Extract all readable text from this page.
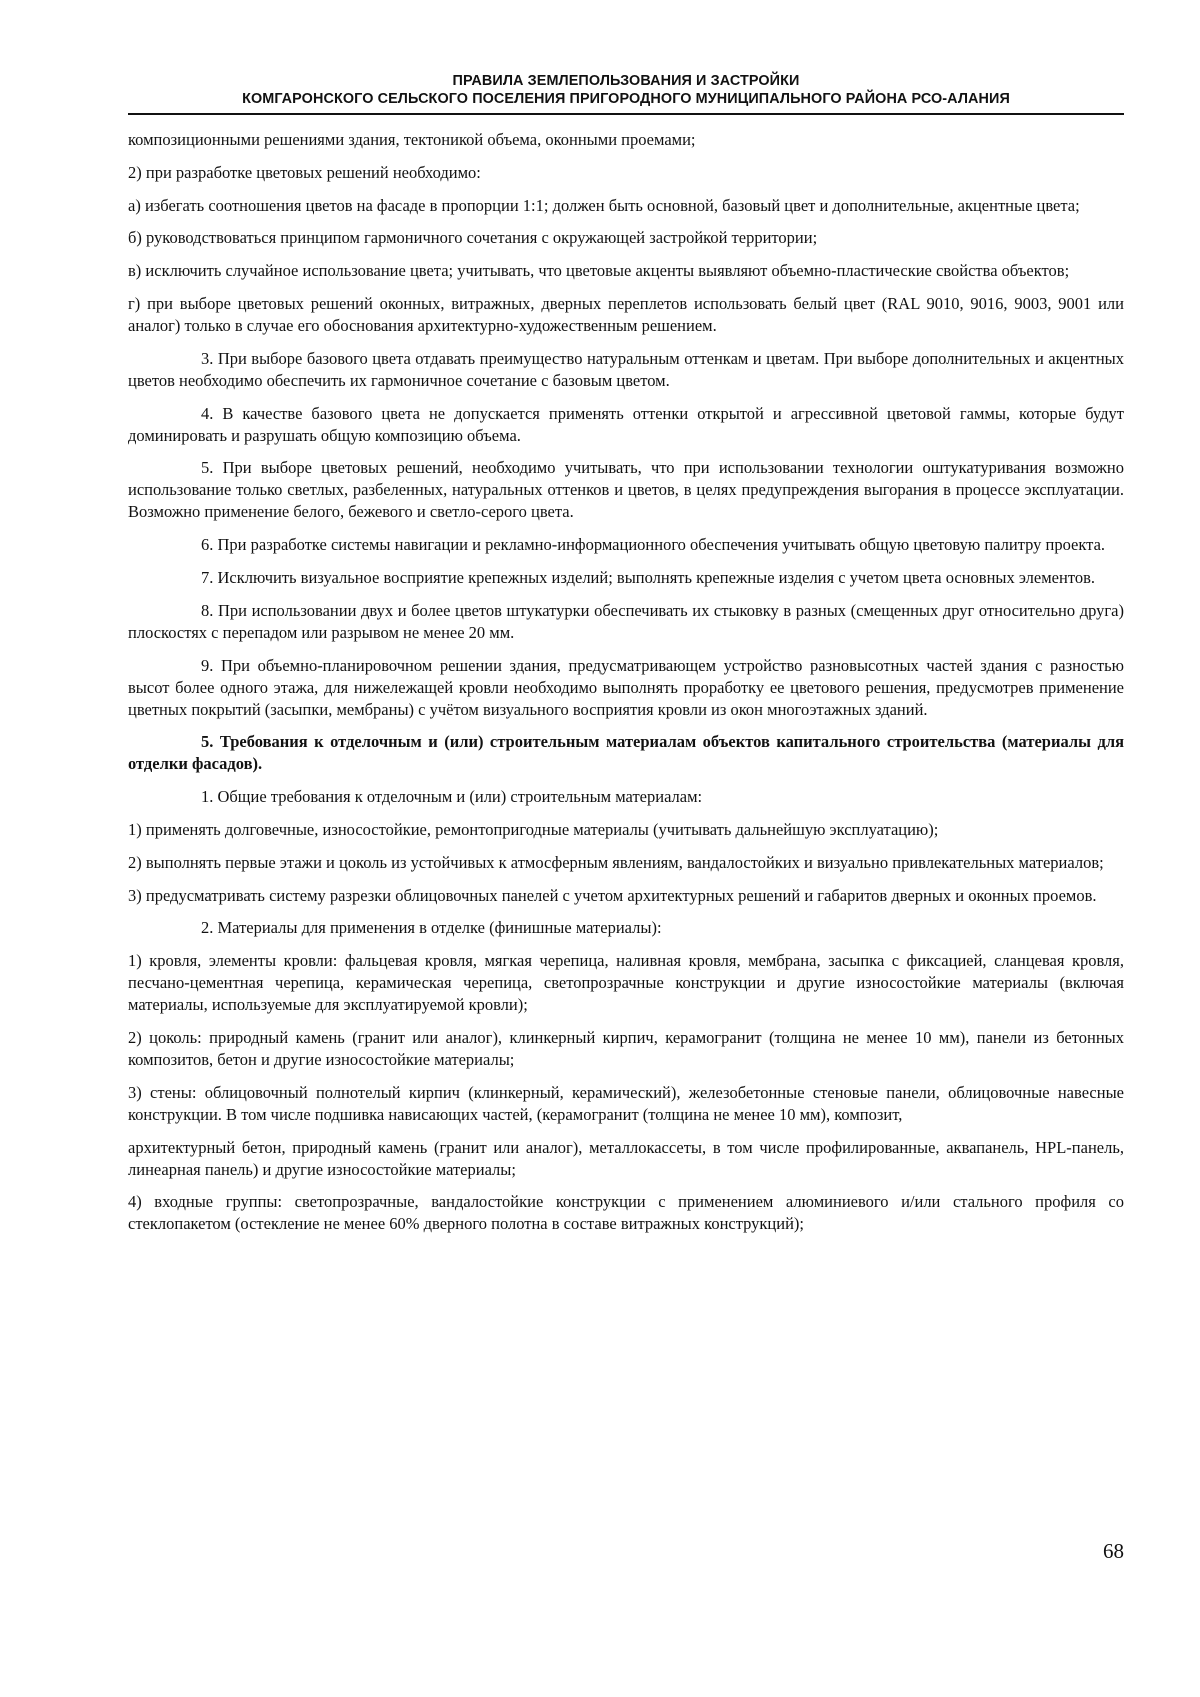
ПРАВИЛА ЗЕМЛЕПОЛЬЗОВАНИЯ И ЗАСТРОЙКИ
КОМГАРОНСКОГО СЕЛЬСКОГО ПОСЕЛЕНИЯ ПРИГОРОДНОГО МУНИЦИПАЛЬНОГО РАЙОНА РСО-АЛАНИЯ

композиционными решениями здания, тектоникой объема, оконными проемами;

2) при разработке цветовых решений необходимо:

а) избегать соотношения цветов на фасаде в пропорции 1:1; должен быть основной, базовый цвет и дополнительные, акцентные цвета;

б) руководствоваться принципом гармоничного сочетания с окружающей застройкой территории;

в) исключить случайное использование цвета; учитывать, что цветовые акценты выявляют объемно-пластические свойства объектов;

г) при выборе цветовых решений оконных, витражных, дверных переплетов использовать белый цвет (RAL 9010, 9016, 9003, 9001 или аналог) только в случае его обоснования архитектурно-художественным решением.

3. При выборе базового цвета отдавать преимущество натуральным оттенкам и цветам. При выборе дополнительных и акцентных цветов необходимо обеспечить их гармоничное сочетание с базовым цветом.

4. В качестве базового цвета не допускается применять оттенки открытой и агрессивной цветовой гаммы, которые будут доминировать и разрушать общую композицию объема.

5. При выборе цветовых решений, необходимо учитывать, что при использовании технологии оштукатуривания возможно использование только светлых, разбеленных, натуральных оттенков и цветов, в целях предупреждения выгорания в процессе эксплуатации. Возможно применение белого, бежевого и светло-серого цвета.

6. При разработке системы навигации и рекламно-информационного обеспечения учитывать общую цветовую палитру проекта.

7. Исключить визуальное восприятие крепежных изделий; выполнять крепежные изделия с учетом цвета основных элементов.

8. При использовании двух и более цветов штукатурки обеспечивать их стыковку в разных (смещенных друг относительно друга) плоскостях с перепадом или разрывом не менее 20 мм.

9. При объемно-планировочном решении здания, предусматривающем устройство разновысотных частей здания с разностью высот более одного этажа, для нижележащей кровли необходимо выполнять проработку ее цветового решения, предусмотрев применение цветных покрытий (засыпки, мембраны) с учётом визуального восприятия кровли из окон многоэтажных зданий.

5. Требования к отделочным и (или) строительным материалам объектов капитального строительства (материалы для отделки фасадов).

1. Общие требования к отделочным и (или) строительным материалам:

1) применять долговечные, износостойкие, ремонтопригодные материалы (учитывать дальнейшую эксплуатацию);

2) выполнять первые этажи и цоколь из устойчивых к атмосферным явлениям, вандалостойких и визуально привлекательных материалов;

3) предусматривать систему разрезки облицовочных панелей с учетом архитектурных решений и габаритов дверных и оконных проемов.

2. Материалы для применения в отделке (финишные материалы):

1) кровля, элементы кровли: фальцевая кровля, мягкая черепица, наливная кровля, мембрана, засыпка с фиксацией, сланцевая кровля, песчано-цементная черепица, керамическая черепица, светопрозрачные конструкции и другие износостойкие материалы (включая материалы, используемые для эксплуатируемой кровли);

2) цоколь: природный камень (гранит или аналог), клинкерный кирпич, керамогранит (толщина не менее 10 мм), панели из бетонных композитов, бетон и другие износостойкие материалы;

3) стены: облицовочный полнотелый кирпич (клинкерный, керамический), железобетонные стеновые панели, облицовочные навесные конструкции. В том числе подшивка нависающих частей, (керамогранит (толщина не менее 10 мм), композит,

архитектурный бетон, природный камень (гранит или аналог), металлокассеты, в том числе профилированные, аквапанель, HPL-панель, линеарная панель) и другие износостойкие материалы;

4) входные группы: светопрозрачные, вандалостойкие конструкции с применением алюминиевого и/или стального профиля со стеклопакетом (остекление не менее 60% дверного полотна в составе витражных конструкций);

68
